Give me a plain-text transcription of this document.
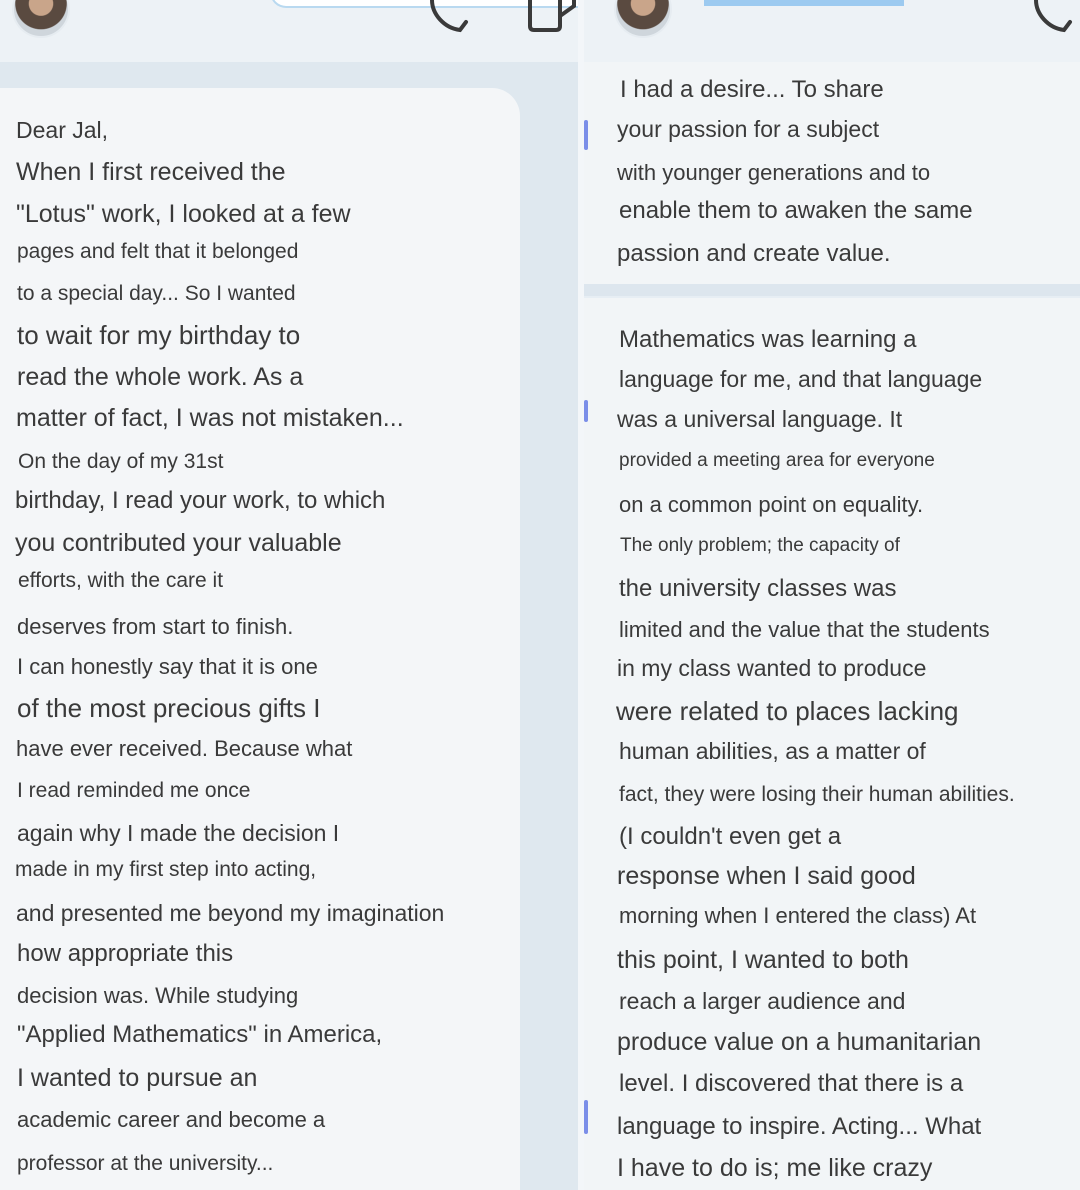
Dear Jal,
When I first received the
"Lotus" work, I looked at a few
pages and felt that it belonged
to a special day... So I wanted
to wait for my birthday to
read the whole work. As a
matter of fact, I was not mistaken...
On the day of my 31st
birthday, I read your work, to which
you contributed your valuable
efforts, with the care it
deserves from start to finish.
I can honestly say that it is one
of the most precious gifts I
have ever received. Because what
I read reminded me once
again why I made the decision I
made in my first step into acting,
and presented me beyond my imagination
how appropriate this
decision was. While studying
"Applied Mathematics" in America,
I wanted to pursue an
academic career and become a
professor at the university...
I had a desire... To share
your passion for a subject
with younger generations and to
enable them to awaken the same
passion and create value.
Mathematics was learning a
language for me, and that language
was a universal language. It
provided a meeting area for everyone
on a common point on equality.
The only problem; the capacity of
the university classes was
limited and the value that the students
in my class wanted to produce
were related to places lacking
human abilities, as a matter of
fact, they were losing their human abilities.
(I couldn't even get a
response when I said good
morning when I entered the class) At
this point, I wanted to both
reach a larger audience and
produce value on a humanitarian
level. I discovered that there is a
language to inspire. Acting... What
I have to do is; me like crazy
